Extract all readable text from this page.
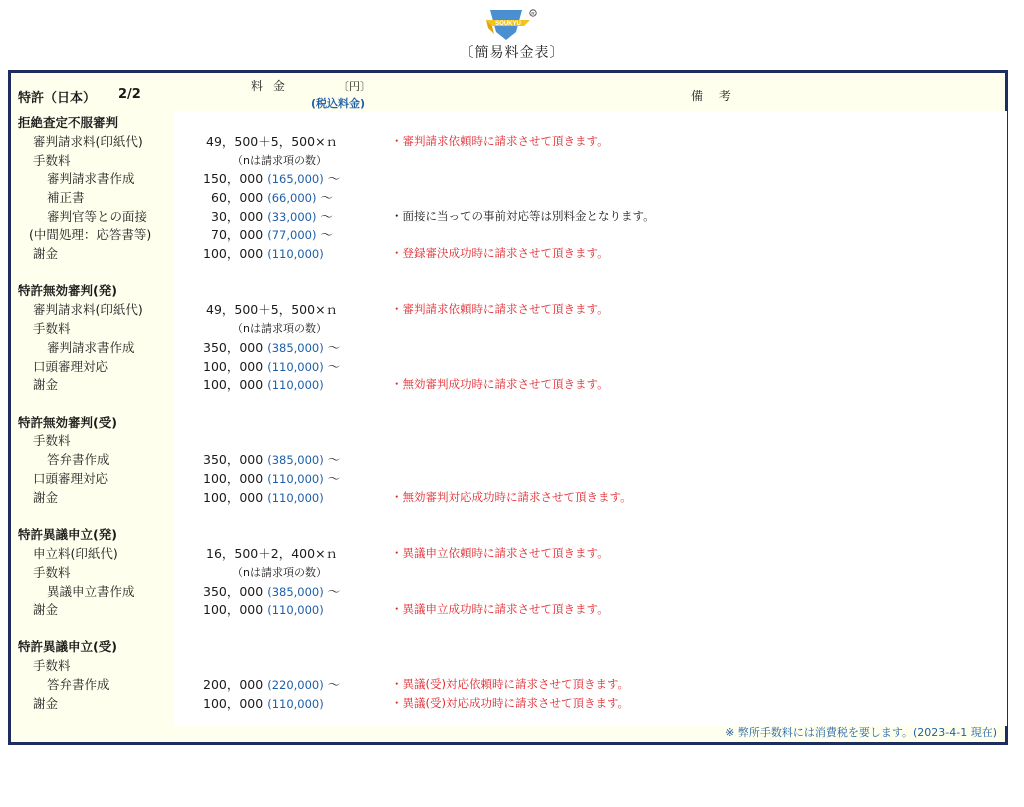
SOUKYU
R
〔簡易料金表〕
特許（日本） 2/2
料 金	〔円〕
(税込料金)
備 考
拒絶査定不服審判
審判請求料(印紙代)	49，500＋5，500×ｎ	・審判請求依頼時に請求させて頂きます。
手数料	（nは請求項の数）
審判請求書作成	150，000 (165,000) ～
補正書	60，000 (66,000) ～
審判官等との面接	30，000 (33,000) ～	・面接に当っての事前対応等は別料金となります。
(中間処理：応答書等)	70，000 (77,000) ～
謝金	100，000 (110,000)	・登録審決成功時に請求させて頂きます。
特許無効審判(発)
審判請求料(印紙代)	49，500＋5，500×ｎ	・審判請求依頼時に請求させて頂きます。
手数料	（nは請求項の数）
審判請求書作成	350，000 (385,000) ～
口頭審理対応	100，000 (110,000) ～
謝金	100，000 (110,000)	・無効審判成功時に請求させて頂きます。
特許無効審判(受)
手数料
答弁書作成	350，000 (385,000) ～
口頭審理対応	100，000 (110,000) ～
謝金	100，000 (110,000)	・無効審判対応成功時に請求させて頂きます。
特許異議申立(発)
申立料(印紙代)	16，500＋2，400×ｎ	・異議申立依頼時に請求させて頂きます。
手数料	（nは請求項の数）
異議申立書作成	350，000 (385,000) ～
謝金	100，000 (110,000)	・異議申立成功時に請求させて頂きます。
特許異議申立(受)
手数料
答弁書作成	200，000 (220,000) ～	・異議(受)対応依頼時に請求させて頂きます。
謝金	100，000 (110,000)	・異議(受)対応成功時に請求させて頂きます。
※ 弊所手数料には消費税を要します。(2023-4-1 現在)
